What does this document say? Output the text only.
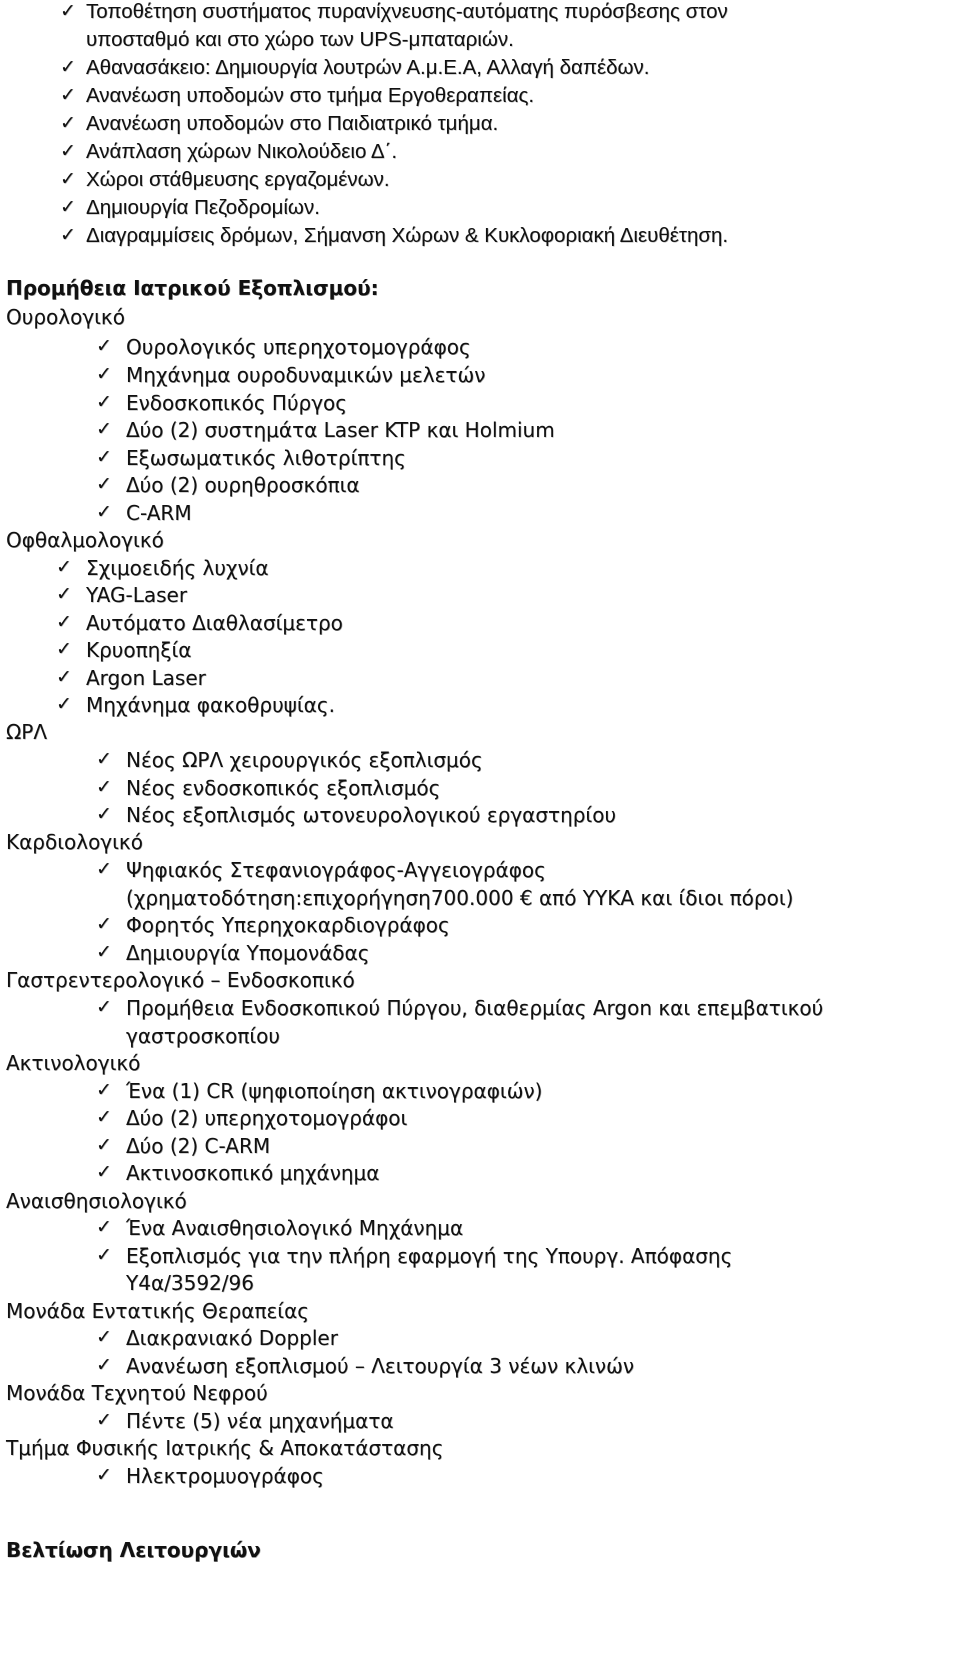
✓ Τοποθέτηση συστήματος πυρανίχνευσης-αυτόματης πυρόσβεσης στον
υποσταθμό και στο χώρο των UPS-μπαταριών.
✓ Αθανασάκειο: Δημιουργία λουτρών Α.μ.Ε.Α, Αλλαγή δαπέδων.
✓ Ανανέωση υποδομών στο τμήμα Εργοθεραπείας.
✓ Ανανέωση υποδομών στο Παιδιατρικό τμήμα.
✓ Ανάπλαση χώρων Νικολούδειο Δ΄.
✓ Χώροι στάθμευσης εργαζομένων.
✓ Δημιουργία Πεζοδρομίων.
✓ Διαγραμμίσεις δρόμων, Σήμανση Χώρων & Κυκλοφοριακή Διευθέτηση.
Προμήθεια Ιατρικού Εξοπλισμού:
Ουρολογικό
✓ Ουρολογικός υπερηχοτομογράφος
✓ Μηχάνημα ουροδυναμικών μελετών
✓ Ενδοσκοπικός Πύργος
✓ Δύο (2) συστημάτα Laser KTP και Holmium
✓ Εξωσωματικός λιθοτρίπτης
✓ Δύο (2) ουρηθροσκόπια
✓ C-ARM
Οφθαλμολογικό
✓ Σχιμοειδής λυχνία
✓ YAG-Laser
✓ Αυτόματο Διαθλασίμετρο
✓ Κρυοπηξία
✓ Argon Laser
✓ Μηχάνημα φακοθρυψίας.
ΩΡΛ
✓ Νέος ΩΡΛ χειρουργικός εξοπλισμός
✓ Νέος ενδοσκοπικός εξοπλισμός
✓ Νέος εξοπλισμός ωτονευρολογικού εργαστηρίου
Καρδιολογικό
✓ Ψηφιακός Στεφανιογράφος-Αγγειογράφος
(χρηματοδότηση:επιχορήγηση700.000 € από ΥΥΚΑ και ίδιοι πόροι)
✓ Φορητός Υπερηχοκαρδιογράφος
✓ Δημιουργία Υπομονάδας
Γαστρεντερολογικό – Ενδοσκοπικό
✓ Προμήθεια Ενδοσκοπικού Πύργου, διαθερμίας Argon και επεμβατικού
γαστροσκοπίου
Ακτινολογικό
✓ Ένα (1) CR (ψηφιοποίηση ακτινογραφιών)
✓ Δύο (2) υπερηχοτομογράφοι
✓ Δύο (2) C-ARM
✓ Ακτινοσκοπικό μηχάνημα
Αναισθησιολογικό
✓ Ένα Αναισθησιολογικό Μηχάνημα
✓ Εξοπλισμός για την πλήρη εφαρμογή της Υπουργ. Απόφασης
Υ4α/3592/96
Μονάδα Εντατικής Θεραπείας
✓ Διακρανιακό Doppler
✓ Ανανέωση εξοπλισμού – Λειτουργία 3 νέων κλινών
Μονάδα Τεχνητού Νεφρού
✓ Πέντε (5) νέα μηχανήματα
Τμήμα Φυσικής Ιατρικής & Αποκατάστασης
✓ Ηλεκτρομυογράφος
Βελτίωση Λειτουργιών
